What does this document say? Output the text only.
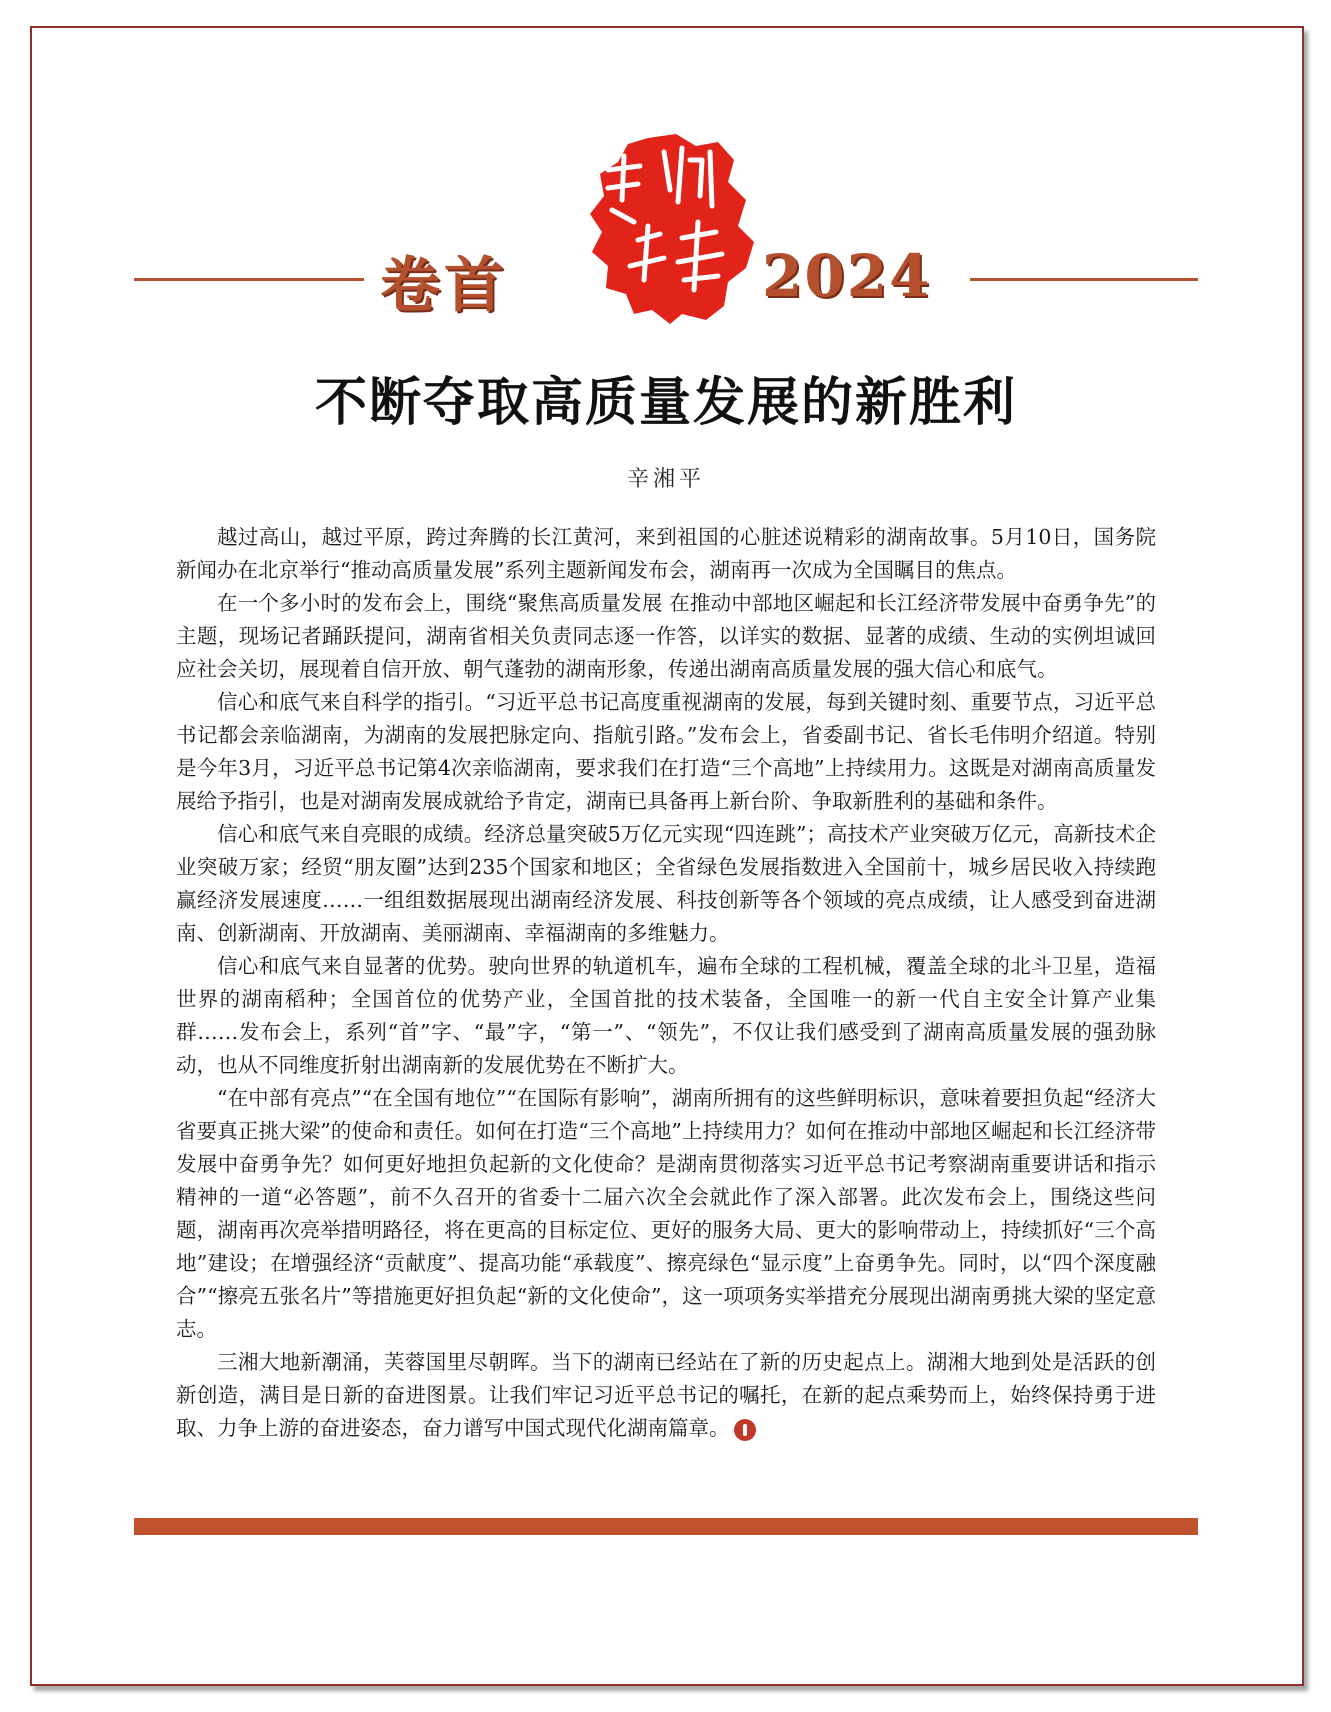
卷首
新湘評論 2024
不断夺取高质量发展的新胜利
辛湘平

越过高山，越过平原，跨过奔腾的长江黄河，来到祖国的心脏述说精彩的湖南故事。5月10日，国务院新闻办在北京举行“推动高质量发展”系列主题新闻发布会，湖南再一次成为全国瞩目的焦点。

在一个多小时的发布会上，围绕“聚焦高质量发展 在推动中部地区崛起和长江经济带发展中奋勇争先”的主题，现场记者踊跃提问，湖南省相关负责同志逐一作答，以详实的数据、显著的成绩、生动的实例坦诚回应社会关切，展现着自信开放、朝气蓬勃的湖南形象，传递出湖南高质量发展的强大信心和底气。

信心和底气来自科学的指引。“习近平总书记高度重视湖南的发展，每到关键时刻、重要节点，习近平总书记都会亲临湖南，为湖南的发展把脉定向、指航引路。”发布会上，省委副书记、省长毛伟明介绍道。特别是今年3月，习近平总书记第4次亲临湖南，要求我们在打造“三个高地”上持续用力。这既是对湖南高质量发展给予指引，也是对湖南发展成就给予肯定，湖南已具备再上新台阶、争取新胜利的基础和条件。

信心和底气来自亮眼的成绩。经济总量突破5万亿元实现“四连跳”；高技术产业突破万亿元，高新技术企业突破万家；经贸“朋友圈”达到235个国家和地区；全省绿色发展指数进入全国前十，城乡居民收入持续跑赢经济发展速度……一组组数据展现出湖南经济发展、科技创新等各个领域的亮点成绩，让人感受到奋进湖南、创新湖南、开放湖南、美丽湖南、幸福湖南的多维魅力。

信心和底气来自显著的优势。驶向世界的轨道机车，遍布全球的工程机械，覆盖全球的北斗卫星，造福世界的湖南稻种；全国首位的优势产业，全国首批的技术装备，全国唯一的新一代自主安全计算产业集群……发布会上，系列“首”字、“最”字，“第一”、“领先”，不仅让我们感受到了湖南高质量发展的强劲脉动，也从不同维度折射出湖南新的发展优势在不断扩大。

“在中部有亮点”“在全国有地位”“在国际有影响”，湖南所拥有的这些鲜明标识，意味着要担负起“经济大省要真正挑大梁”的使命和责任。如何在打造“三个高地”上持续用力？如何在推动中部地区崛起和长江经济带发展中奋勇争先？如何更好地担负起新的文化使命？是湖南贯彻落实习近平总书记考察湖南重要讲话和指示精神的一道“必答题”，前不久召开的省委十二届六次全会就此作了深入部署。此次发布会上，围绕这些问题，湖南再次亮举措明路径，将在更高的目标定位、更好的服务大局、更大的影响带动上，持续抓好“三个高地”建设；在增强经济“贡献度”、提高功能“承载度”、擦亮绿色“显示度”上奋勇争先。同时，以“四个深度融合”“擦亮五张名片”等措施更好担负起“新的文化使命”，这一项项务实举措充分展现出湖南勇挑大梁的坚定意志。

三湘大地新潮涌，芙蓉国里尽朝晖。当下的湖南已经站在了新的历史起点上。湖湘大地到处是活跃的创新创造，满目是日新的奋进图景。让我们牢记习近平总书记的嘱托，在新的起点乘势而上，始终保持勇于进取、力争上游的奋进姿态，奋力谱写中国式现代化湖南篇章。
